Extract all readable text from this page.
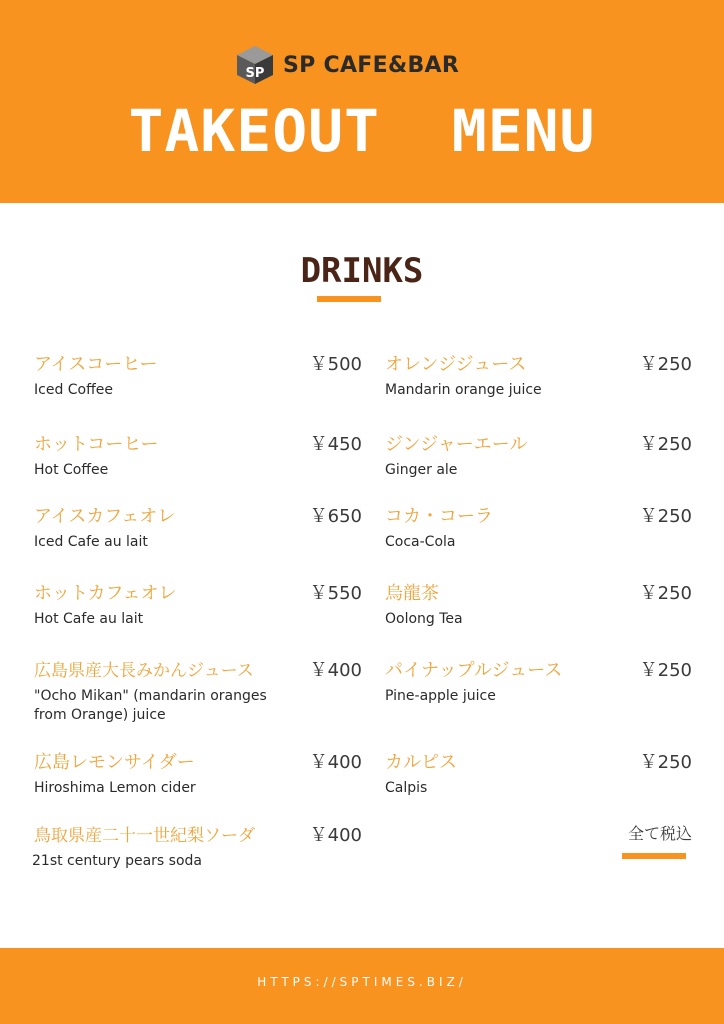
SP SP CAFE&BAR
TAKEOUT  MENU
DRINKS
アイスコーヒー	￥500
Iced Coffee
ホットコーヒー	￥450
Hot Coffee
アイスカフェオレ	￥650
Iced Cafe au lait
ホットカフェオレ	￥550
Hot Cafe au lait
広島県産大長みかんジュース	￥400
"Ocho Mikan" (mandarin oranges from Orange) juice
広島レモンサイダー	￥400
Hiroshima Lemon cider
鳥取県産二十一世紀梨ソーダ	￥400
21st century pears soda
オレンジジュース	￥250
Mandarin orange juice
ジンジャーエール	￥250
Ginger ale
コカ・コーラ	￥250
Coca-Cola
烏龍茶	￥250
Oolong Tea
パイナップルジュース	￥250
Pine-apple juice
カルピス	￥250
Calpis
全て税込
HTTPS://SPTIMES.BIZ/
